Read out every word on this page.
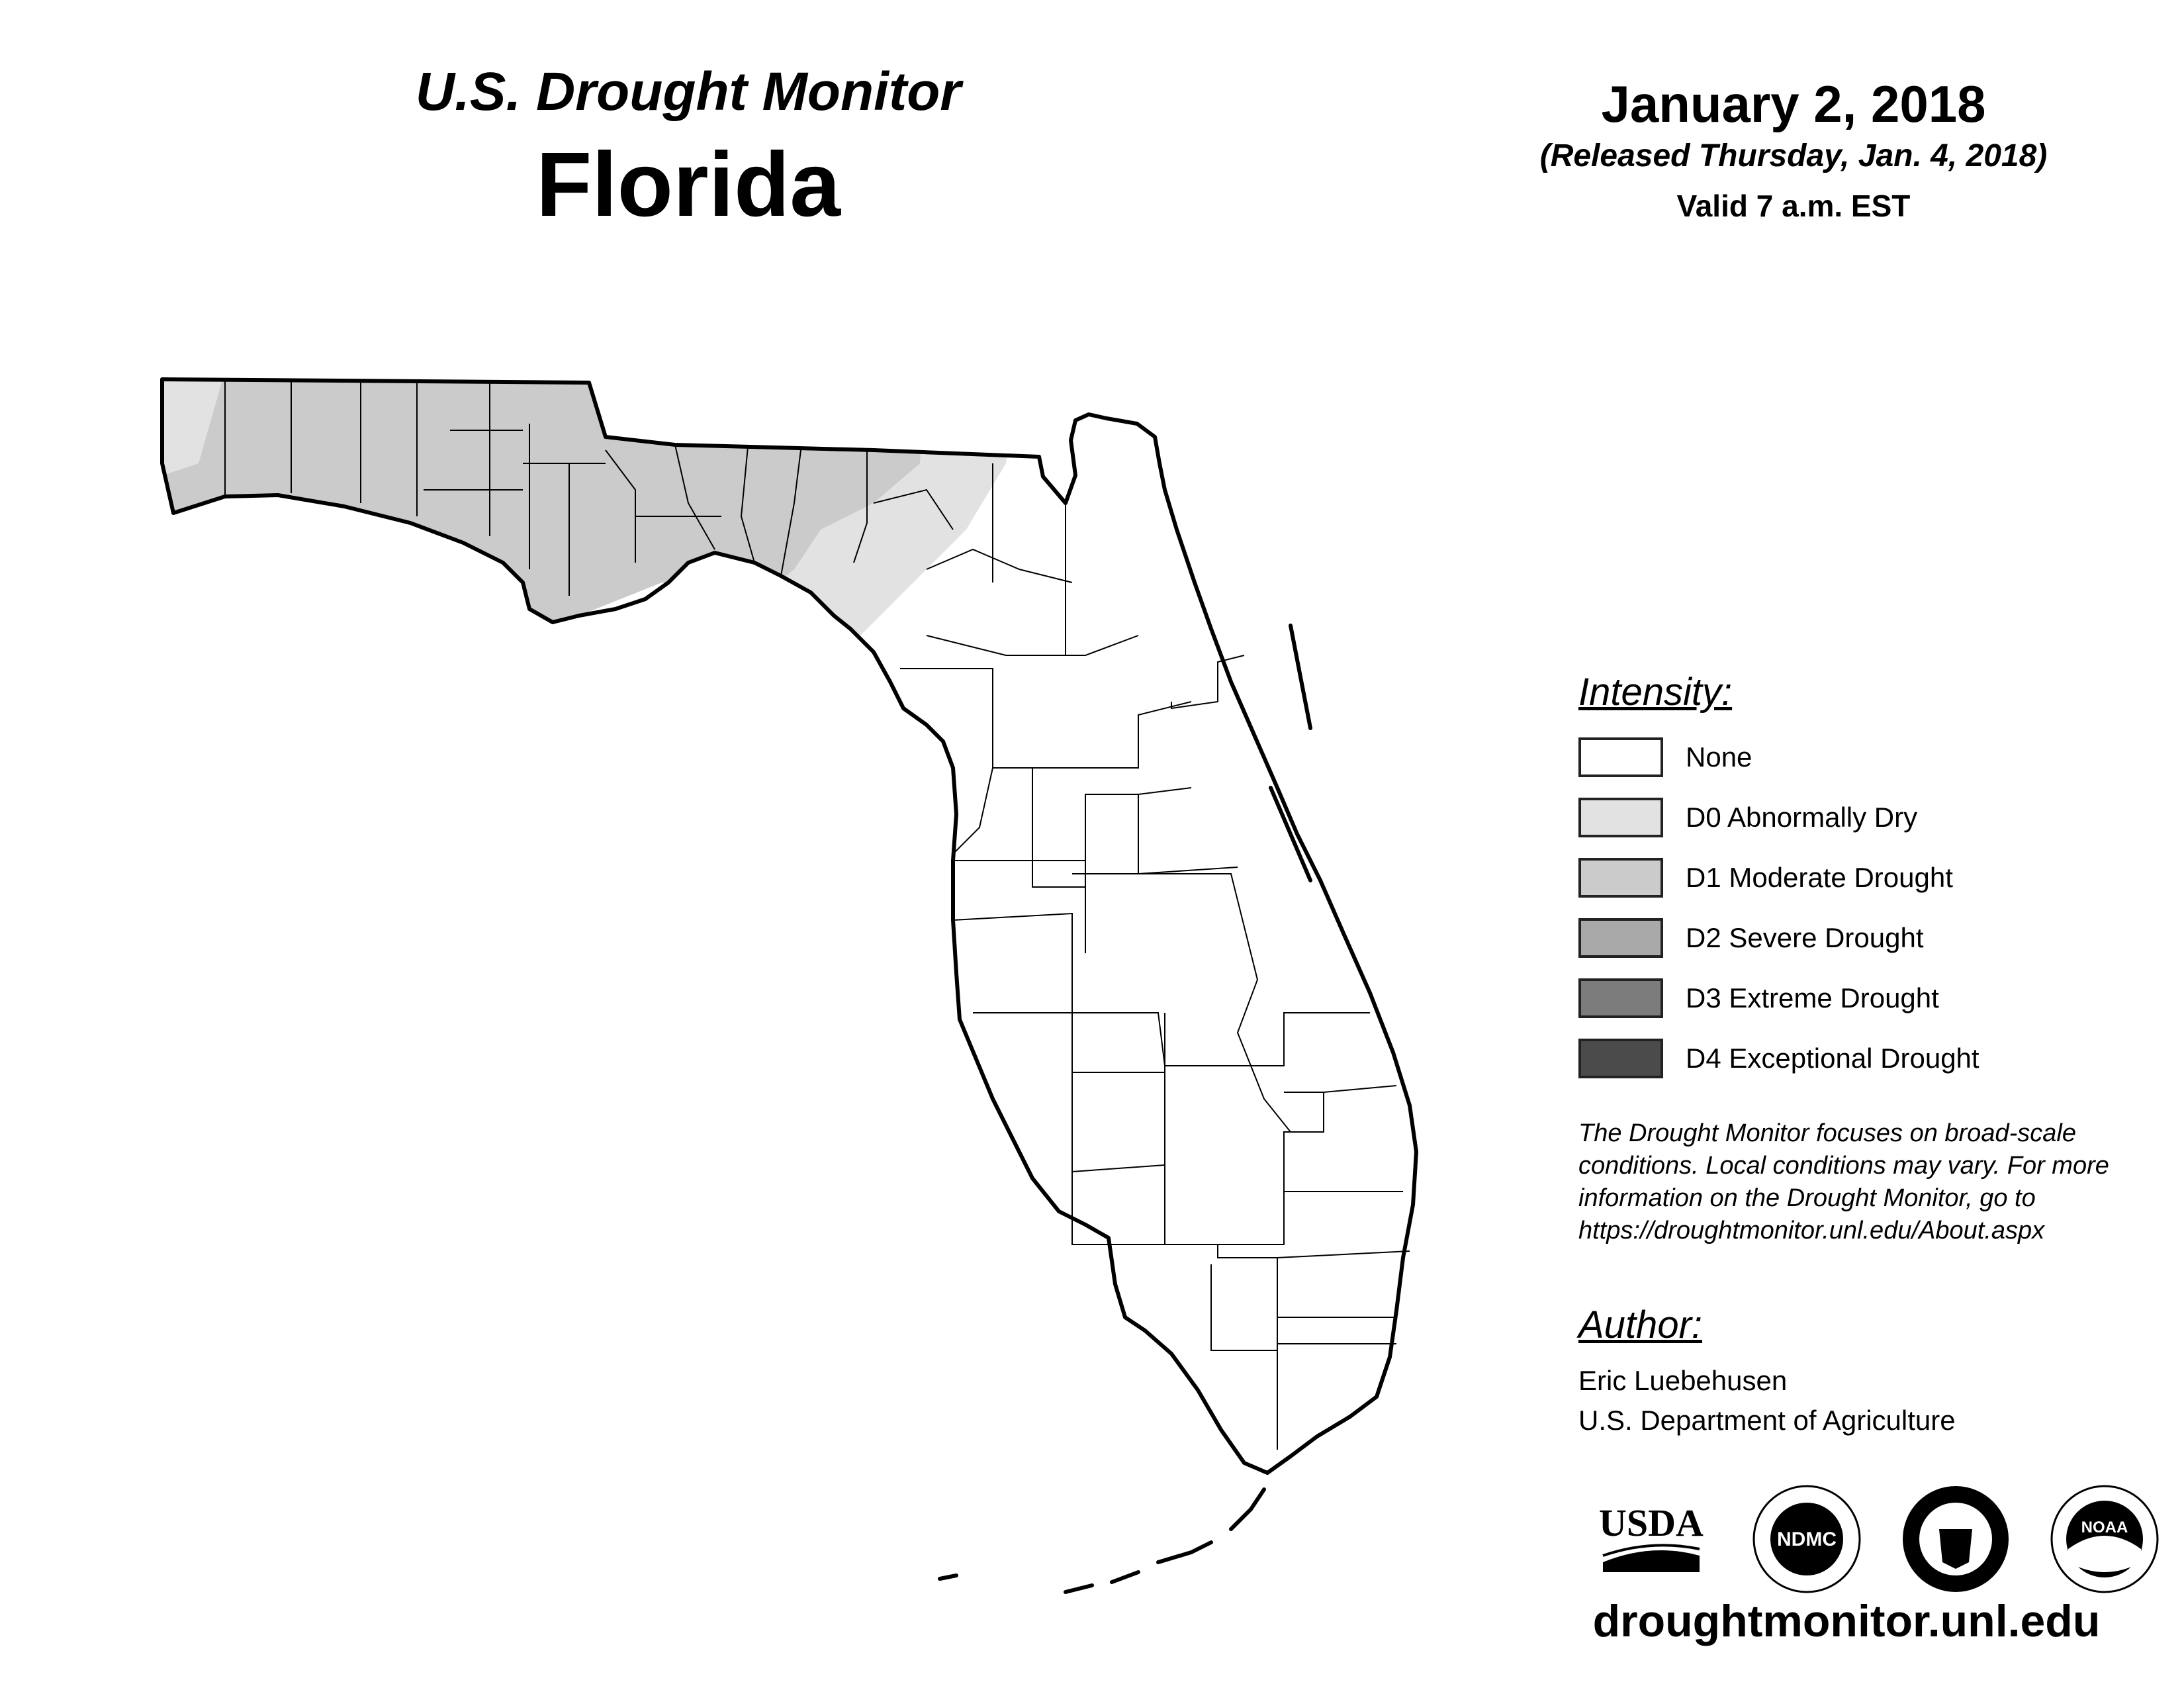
U.S. Drought Monitor
Florida
January 2, 2018
(Released Thursday, Jan. 4, 2018)
Valid 7 a.m. EST
Intensity:
None
D0 Abnormally Dry
D1 Moderate Drought
D2 Severe Drought
D3 Extreme Drought
D4 Exceptional Drought
The Drought Monitor focuses on broad-scale
conditions. Local conditions may vary. For more
information on the Drought Monitor, go to
https://droughtmonitor.unl.edu/About.aspx
Author:
Eric Luebehusen
U.S. Department of Agriculture
USDA	NDMC
NOAA
droughtmonitor.unl.edu
